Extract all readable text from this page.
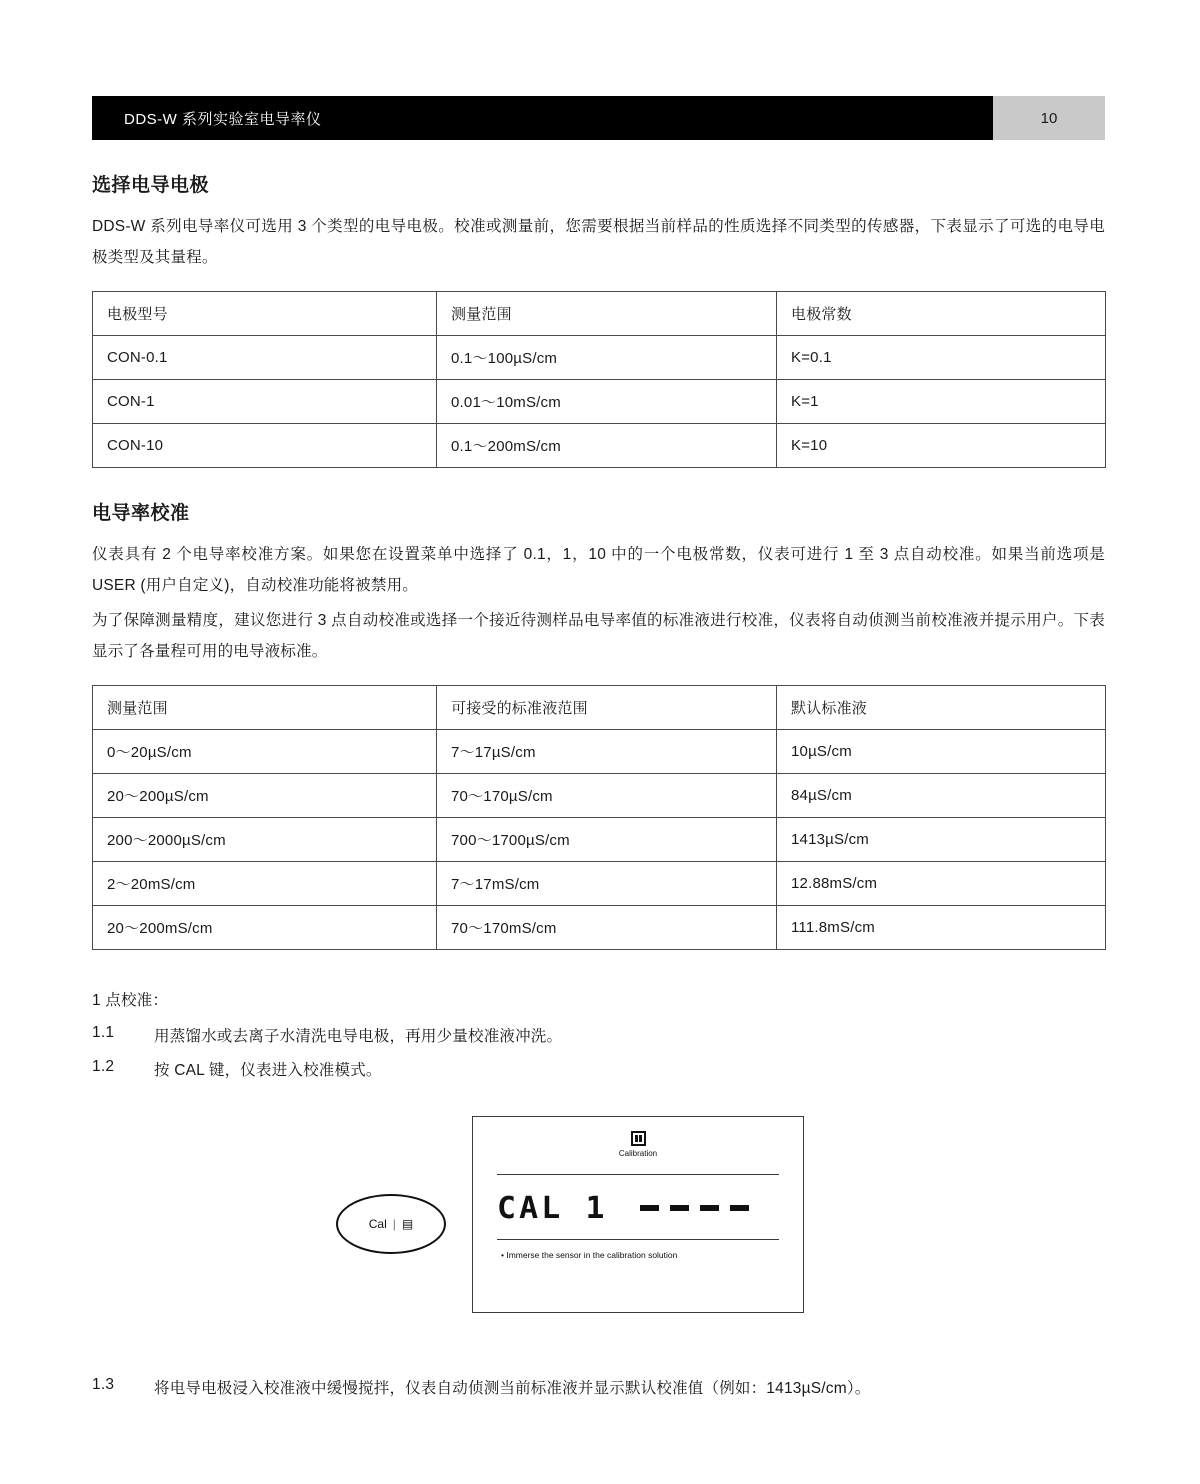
DDS-W 系列实验室电导率仪	10
选择电导电极

DDS-W 系列电导率仪可选用 3 个类型的电导电极。校准或测量前，您需要根据当前样品的性质选择不同类型的传感器，下表显示了可选的电导电极类型及其量程。

电极型号	测量范围	电极常数
CON-0.1	0.1～100µS/cm	K=0.1
CON-1	0.01～10mS/cm	K=1
CON-10	0.1～200mS/cm	K=10
电导率校准

仪表具有 2 个电导率校准方案。如果您在设置菜单中选择了 0.1，1，10 中的一个电极常数，仪表可进行 1 至 3 点自动校准。如果当前选项是 USER (用户自定义)，自动校准功能将被禁用。

为了保障测量精度，建议您进行 3 点自动校准或选择一个接近待测样品电导率值的标准液进行校准，仪表将自动侦测当前校准液并提示用户。下表显示了各量程可用的电导液标准。

测量范围	可接受的标准液范围	默认标准液
0～20µS/cm	7～17µS/cm	10µS/cm
20～200µS/cm	70～170µS/cm	84µS/cm
200～2000µS/cm	700～1700µS/cm	1413µS/cm
2～20mS/cm	7～17mS/cm	12.88mS/cm
20～200mS/cm	70～170mS/cm	111.8mS/cm
1 点校准：
1.1	用蒸馏水或去离子水清洗电导电极，再用少量校准液冲洗。
1.2	按 CAL 键，仪表进入校准模式。
Cal | ▤
Calibration
CAL 1
• Immerse the sensor in the calibration solution
1.3	将电导电极浸入校准液中缓慢搅拌，仪表自动侦测当前标准液并显示默认校准值（例如：1413µS/cm）。
